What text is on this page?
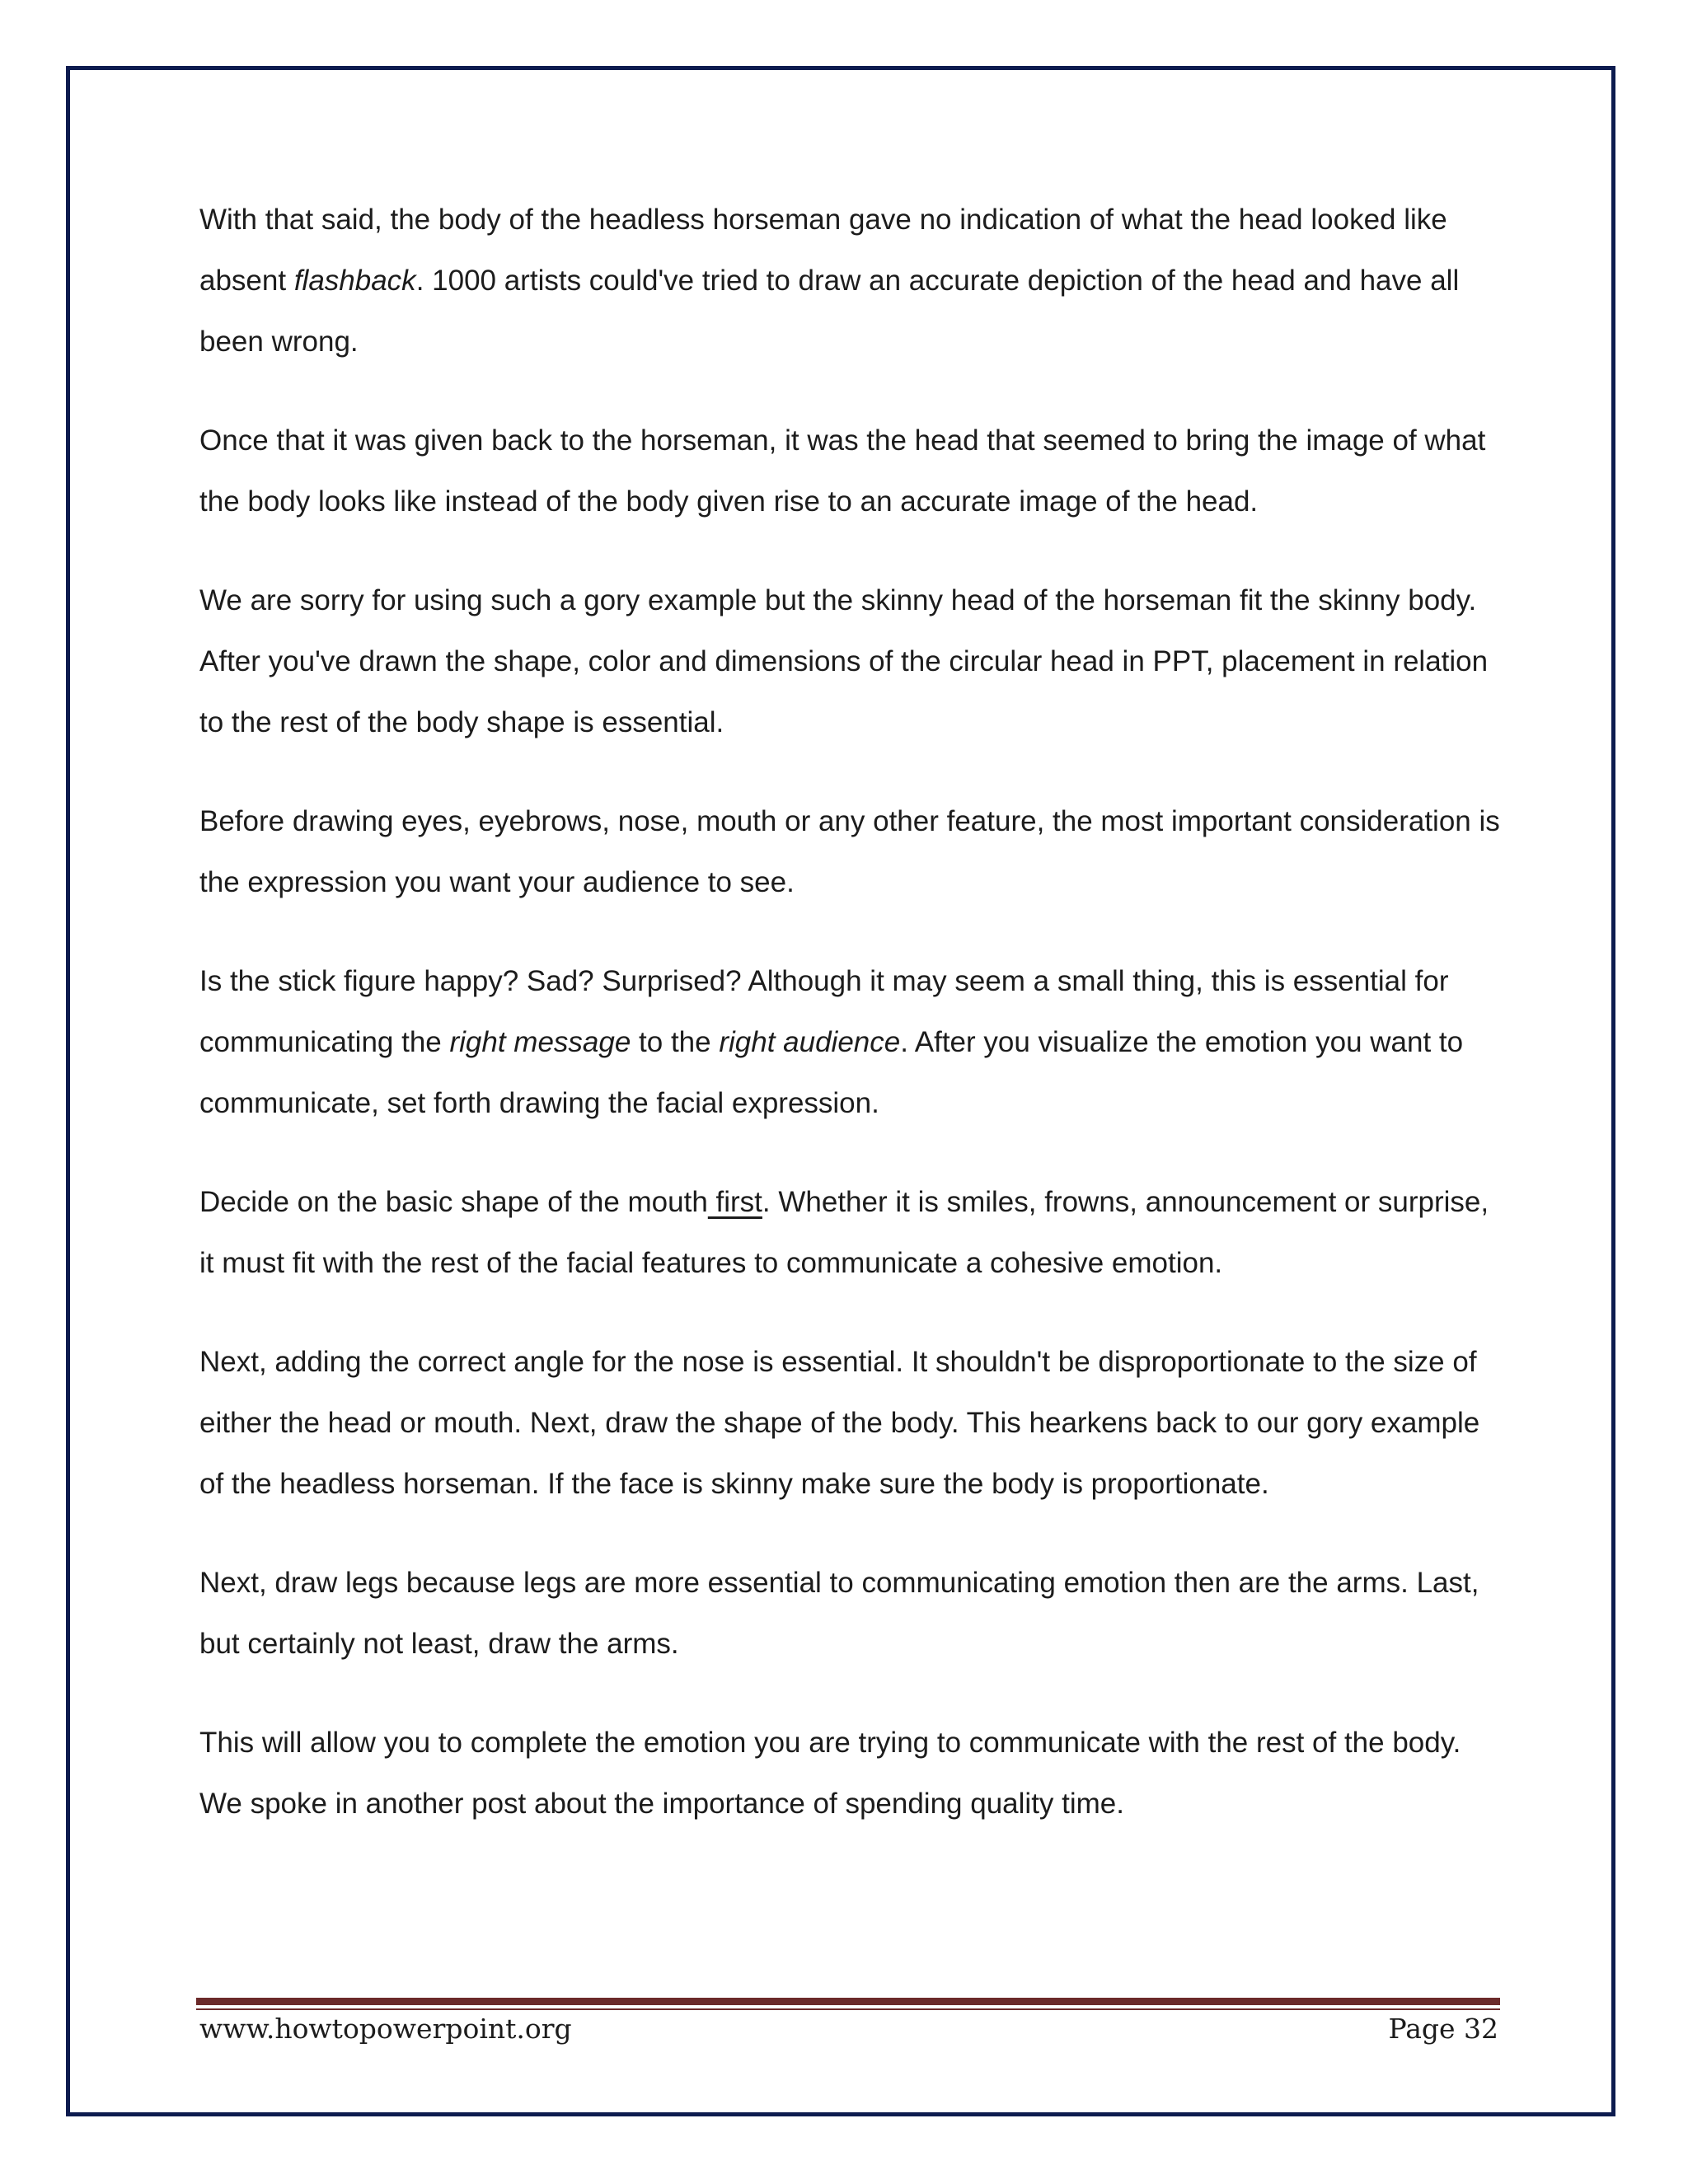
With that said, the body of the headless horseman gave no indication of what the head looked like absent flashback. 1000 artists could've tried to draw an accurate depiction of the head and have all been wrong.

Once that it was given back to the horseman, it was the head that seemed to bring the image of what the body looks like instead of the body given rise to an accurate image of the head.

We are sorry for using such a gory example but the skinny head of the horseman fit the skinny body. After you've drawn the shape, color and dimensions of the circular head in PPT, placement in relation to the rest of the body shape is essential.

Before drawing eyes, eyebrows, nose, mouth or any other feature, the most important consideration is the expression you want your audience to see.

Is the stick figure happy? Sad? Surprised? Although it may seem a small thing, this is essential for communicating the right message to the right audience. After you visualize the emotion you want to communicate, set forth drawing the facial expression.

Decide on the basic shape of the mouth first. Whether it is smiles, frowns, announcement or surprise, it must fit with the rest of the facial features to communicate a cohesive emotion.

Next, adding the correct angle for the nose is essential. It shouldn't be disproportionate to the size of either the head or mouth. Next, draw the shape of the body. This hearkens back to our gory example of the headless horseman. If the face is skinny make sure the body is proportionate.

Next, draw legs because legs are more essential to communicating emotion then are the arms. Last, but certainly not least, draw the arms.

This will allow you to complete the emotion you are trying to communicate with the rest of the body. We spoke in another post about the importance of spending quality time.

www.howtopowerpoint.org	Page 32
